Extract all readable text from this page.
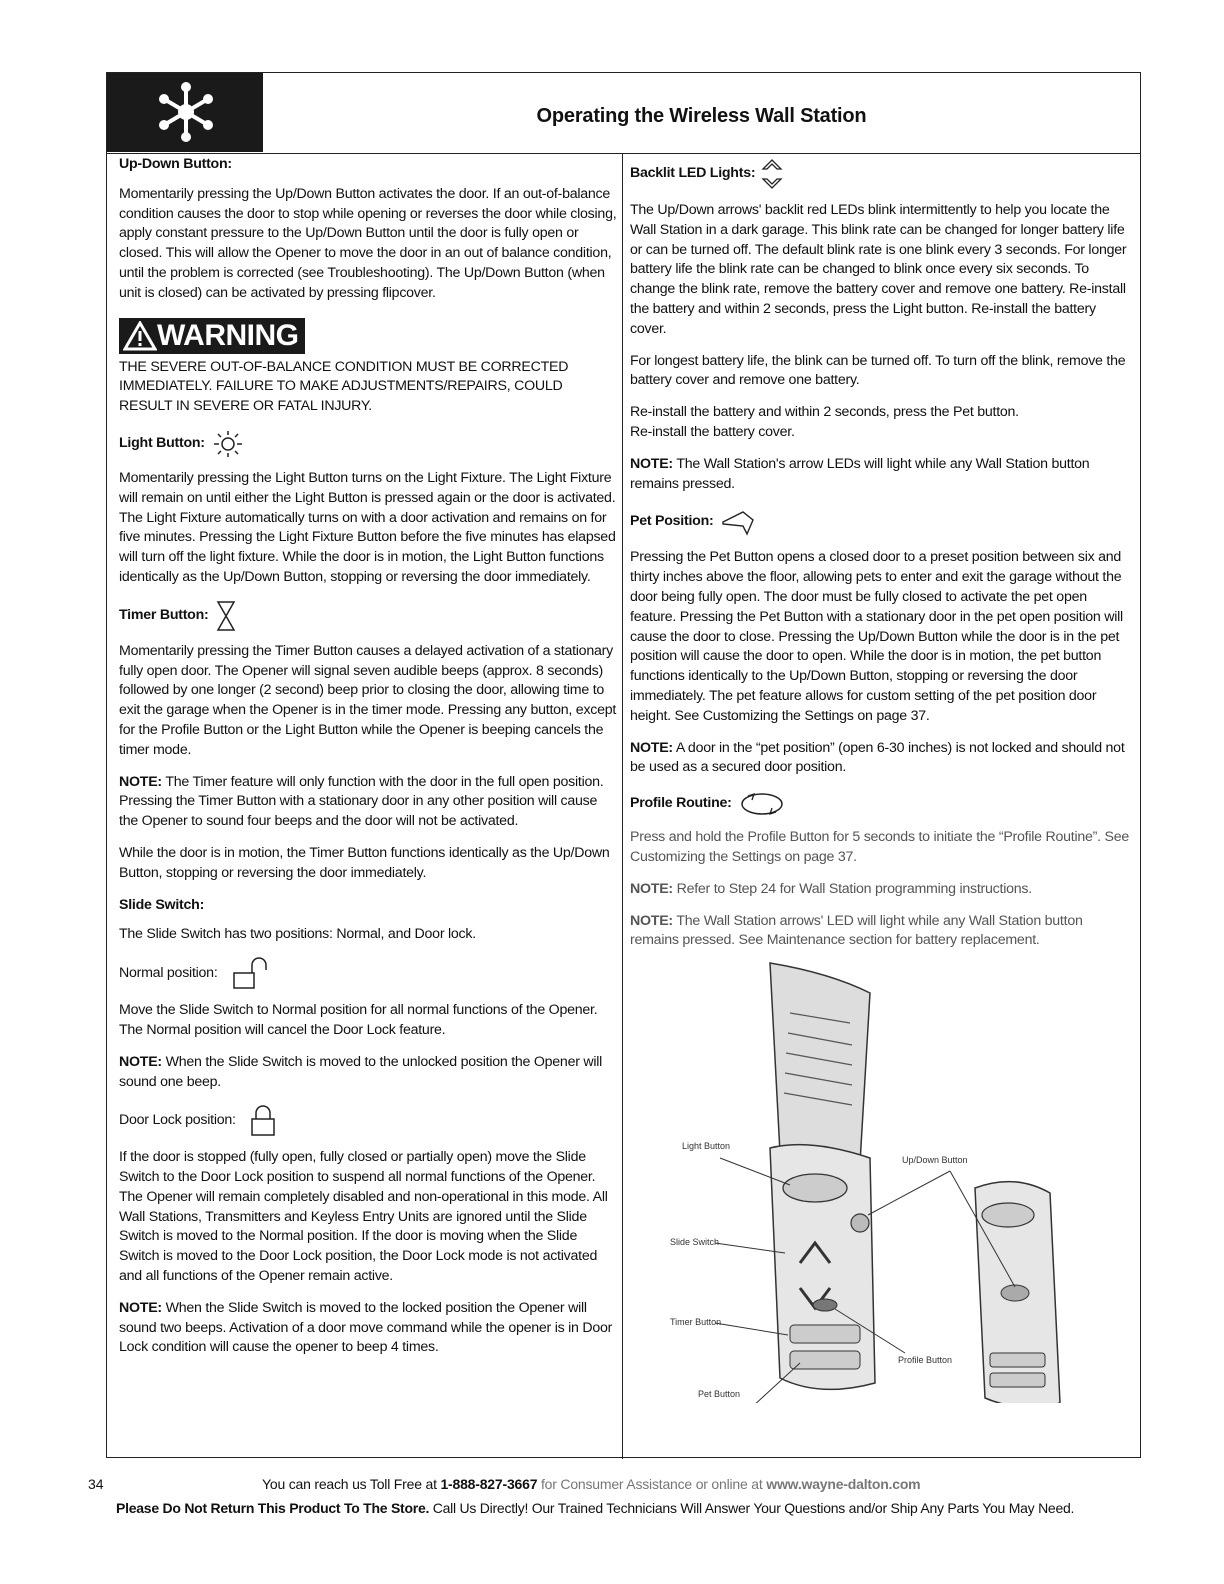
Operating the Wireless Wall Station
Up-Down Button:

Momentarily pressing the Up/Down Button activates the door. If an out-of-balance condition causes the door to stop while opening or reverses the door while closing, apply constant pressure to the Up/Down Button until the door is fully open or closed. This will allow the Opener to move the door in an out of balance condition, until the problem is corrected (see Troubleshooting). The Up/Down Button (when unit is closed) can be activated by pressing flipcover.

WARNING

THE SEVERE OUT-OF-BALANCE CONDITION MUST BE CORRECTED IMMEDIATELY. FAILURE TO MAKE ADJUSTMENTS/REPAIRS, COULD RESULT IN SEVERE OR FATAL INJURY.

Light Button:

Momentarily pressing the Light Button turns on the Light Fixture. The Light Fixture will remain on until either the Light Button is pressed again or the door is activated. The Light Fixture automatically turns on with a door activation and remains on for five minutes. Pressing the Light Fixture Button before the five minutes has elapsed will turn off the light fixture. While the door is in motion, the Light Button functions identically as the Up/Down Button, stopping or reversing the door immediately.

Timer Button:

Momentarily pressing the Timer Button causes a delayed activation of a stationary fully open door. The Opener will signal seven audible beeps (approx. 8 seconds) followed by one longer (2 second) beep prior to closing the door, allowing time to exit the garage when the Opener is in the timer mode. Pressing any button, except for the Profile Button or the Light Button while the Opener is beeping cancels the timer mode.

NOTE: The Timer feature will only function with the door in the full open position. Pressing the Timer Button with a stationary door in any other position will cause the Opener to sound four beeps and the door will not be activated.

While the door is in motion, the Timer Button functions identically as the Up/Down Button, stopping or reversing the door immediately.

Slide Switch:

The Slide Switch has two positions: Normal, and Door lock.

Normal position:

Move the Slide Switch to Normal position for all normal functions of the Opener. The Normal position will cancel the Door Lock feature.

NOTE: When the Slide Switch is moved to the unlocked position the Opener will sound one beep.

Door Lock position:

If the door is stopped (fully open, fully closed or partially open) move the Slide Switch to the Door Lock position to suspend all normal functions of the Opener. The Opener will remain completely disabled and non-operational in this mode. All Wall Stations, Transmitters and Keyless Entry Units are ignored until the Slide Switch is moved to the Normal position. If the door is moving when the Slide Switch is moved to the Door Lock position, the Door Lock mode is not activated and all functions of the Opener remain active.

NOTE: When the Slide Switch is moved to the locked position the Opener will sound two beeps. Activation of a door move command while the opener is in Door Lock condition will cause the opener to beep 4 times.

Backlit LED Lights:

The Up/Down arrows' backlit red LEDs blink intermittently to help you locate the Wall Station in a dark garage. This blink rate can be changed for longer battery life or can be turned off. The default blink rate is one blink every 3 seconds. For longer battery life the blink rate can be changed to blink once every six seconds. To change the blink rate, remove the battery cover and remove one battery. Re-install the battery and within 2 seconds, press the Light button. Re-install the battery cover.

For longest battery life, the blink can be turned off. To turn off the blink, remove the battery cover and remove one battery.

Re-install the battery and within 2 seconds, press the Pet button.
Re-install the battery cover.

NOTE: The Wall Station's arrow LEDs will light while any Wall Station button remains pressed.

Pet Position:

Pressing the Pet Button opens a closed door to a preset position between six and thirty inches above the floor, allowing pets to enter and exit the garage without the door being fully open. The door must be fully closed to activate the pet open feature. Pressing the Pet Button with a stationary door in the pet open position will cause the door to close. Pressing the Up/Down Button while the door is in the pet position will cause the door to open. While the door is in motion, the pet button functions identically to the Up/Down Button, stopping or reversing the door immediately. The pet feature allows for custom setting of the pet position door height. See Customizing the Settings on page 37.

NOTE: A door in the “pet position” (open 6-30 inches) is not locked and should not be used as a secured door position.

Profile Routine:

Press and hold the Profile Button for 5 seconds to initiate the “Profile Routine”. See Customizing the Settings on page 37.

NOTE: Refer to Step 24 for Wall Station programming instructions.

NOTE: The Wall Station arrows' LED will light while any Wall Station button remains pressed. See Maintenance section for battery replacement.

Light Button
Up/Down Button
Slide Switch
Timer Button
Profile Button
Pet Button
34	You can reach us Toll Free at 1-888-827-3667 for Consumer Assistance or online at www.wayne-dalton.com
Please Do Not Return This Product To The Store. Call Us Directly! Our Trained Technicians Will Answer Your Questions and/or Ship Any Parts You May Need.
